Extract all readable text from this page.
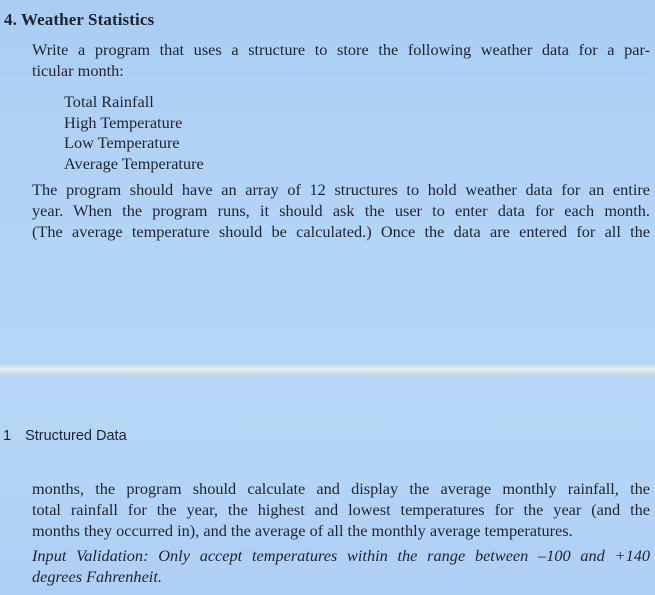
4. Weather Statistics
Write a program that uses a structure to store the following weather data for a par-
ticular month:
Total Rainfall
High Temperature
Low Temperature
Average Temperature
The program should have an array of 12 structures to hold weather data for an entire
year. When the program runs, it should ask the user to enter data for each month.
(The average temperature should be calculated.) Once the data are entered for all the
1 Structured Data
months, the program should calculate and display the average monthly rainfall, the
total rainfall for the year, the highest and lowest temperatures for the year (and the
months they occurred in), and the average of all the monthly average temperatures.
Input Validation: Only accept temperatures within the range between –100 and +140
degrees Fahrenheit.
